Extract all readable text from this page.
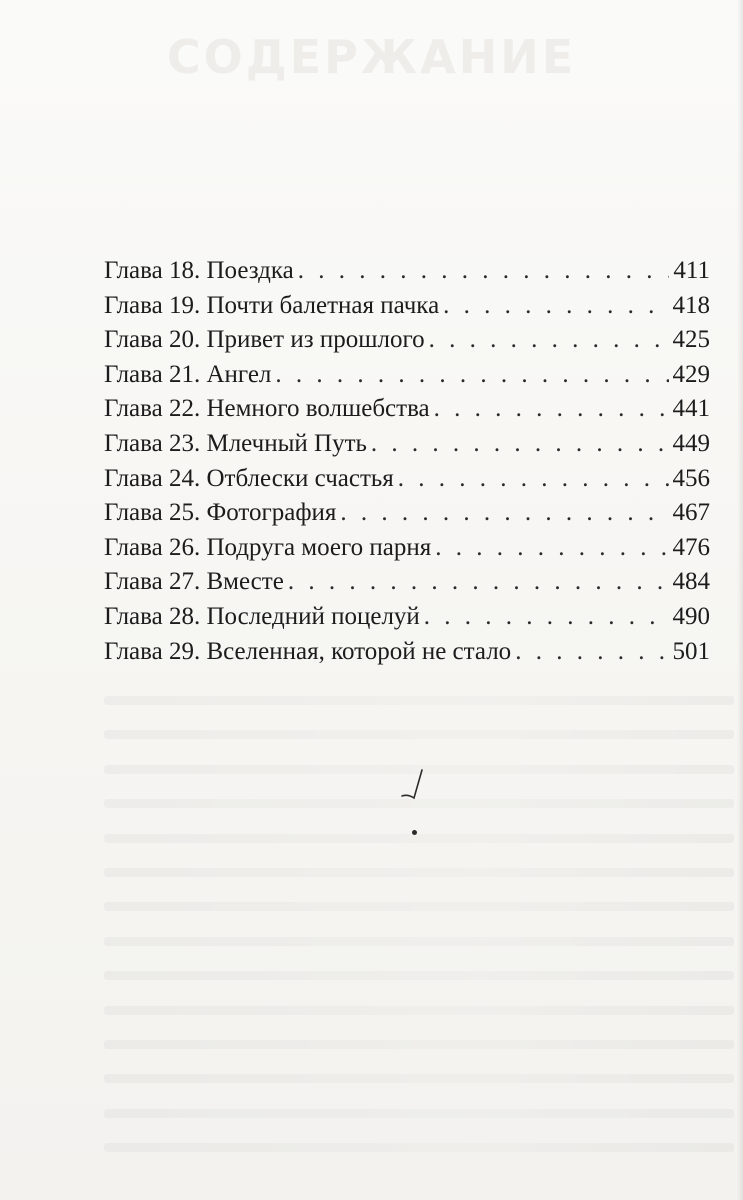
СОДЕРЖАНИЕ
Глава 18. Поездка . . .	411
Глава 19. Почти балетная пачка . . .	418
Глава 20. Привет из прошлого . . .	425
Глава 21. Ангел . . .	429
Глава 22. Немного волшебства . . .	441
Глава 23. Млечный Путь . . .	449
Глава 24. Отблески счастья . . .	456
Глава 25. Фотография . . .	467
Глава 26. Подруга моего парня . . .	476
Глава 27. Вместе . . .	484
Глава 28. Последний поцелуй . . .	490
Глава 29. Вселенная, которой не стало . . .	501
